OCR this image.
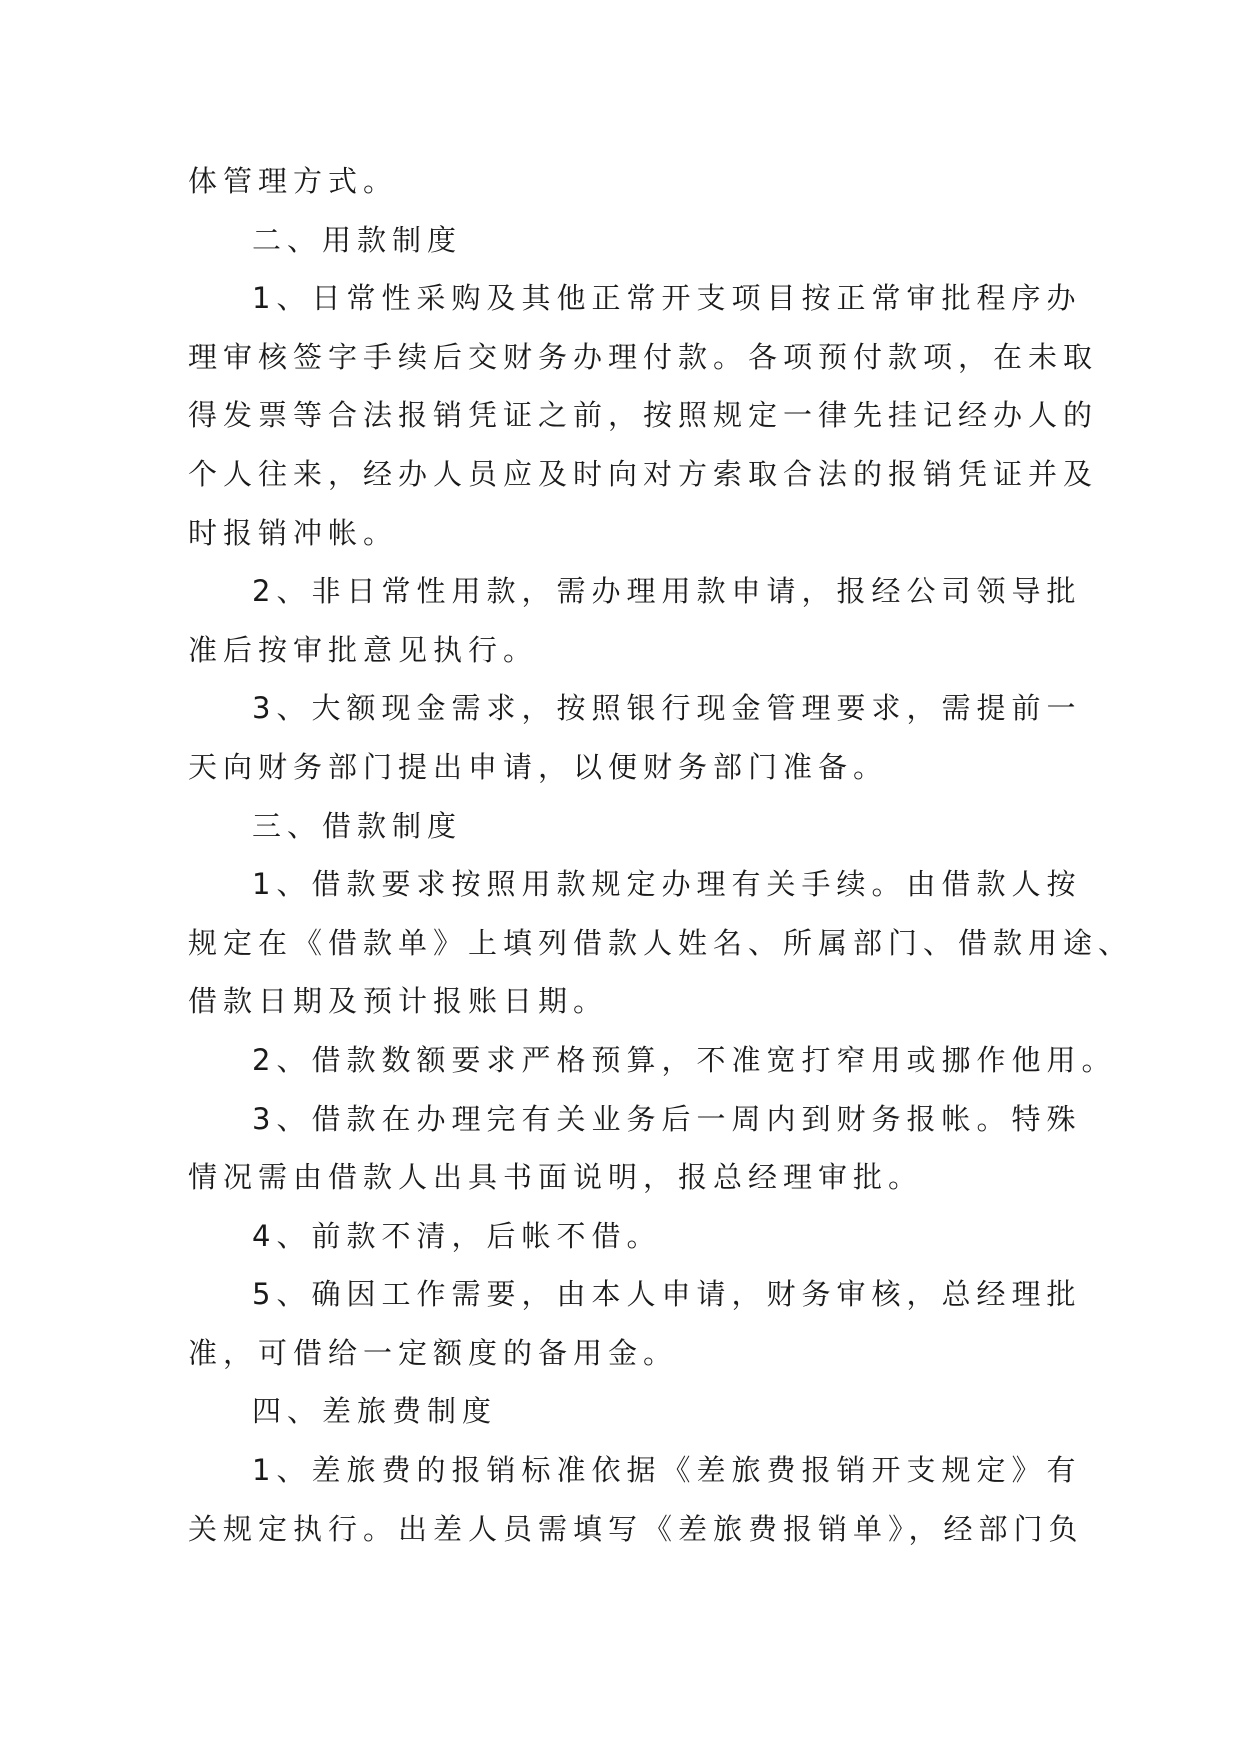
体管理方式。
二、用款制度
1、日常性采购及其他正常开支项目按正常审批程序办
理审核签字手续后交财务办理付款。各项预付款项，在未取
得发票等合法报销凭证之前，按照规定一律先挂记经办人的
个人往来，经办人员应及时向对方索取合法的报销凭证并及
时报销冲帐。
2、非日常性用款，需办理用款申请，报经公司领导批
准后按审批意见执行。
3、大额现金需求，按照银行现金管理要求，需提前一
天向财务部门提出申请，以便财务部门准备。
三、借款制度
1、借款要求按照用款规定办理有关手续。由借款人按
规定在《借款单》上填列借款人姓名、所属部门、借款用途、
借款日期及预计报账日期。
2、借款数额要求严格预算，不准宽打窄用或挪作他用。
3、借款在办理完有关业务后一周内到财务报帐。特殊
情况需由借款人出具书面说明，报总经理审批。
4、前款不清，后帐不借。
5、确因工作需要，由本人申请，财务审核，总经理批
准，可借给一定额度的备用金。
四、差旅费制度
1、差旅费的报销标准依据《差旅费报销开支规定》有
关规定执行。出差人员需填写《差旅费报销单》，经部门负
